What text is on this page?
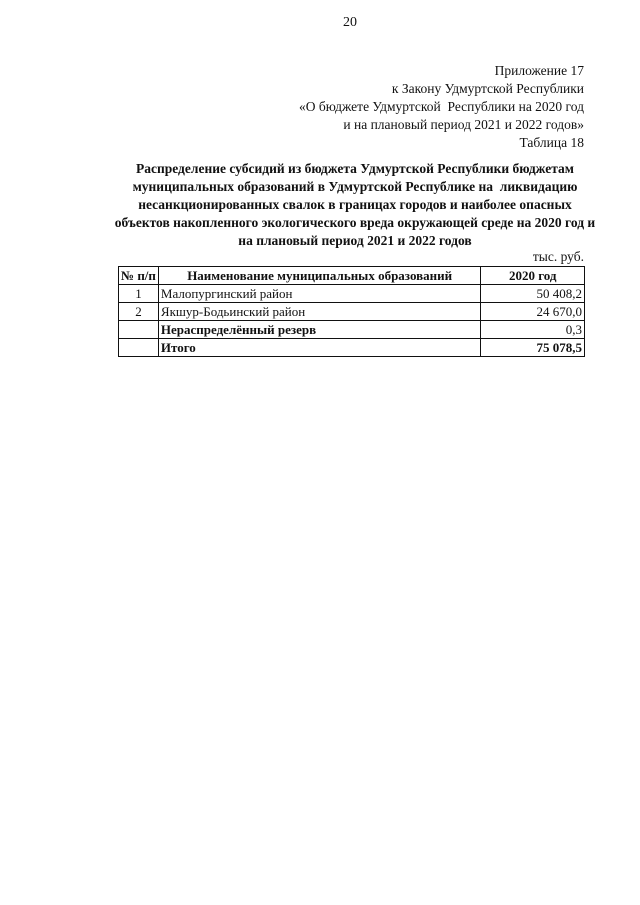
20
Приложение 17
к Закону Удмуртской Республики
«О бюджете Удмуртской  Республики на 2020 год
и на плановый период 2021 и 2022 годов»
Таблица 18
Распределение субсидий из бюджета Удмуртской Республики бюджетам
муниципальных образований в Удмуртской Республике на  ликвидацию
несанкционированных свалок в границах городов и наиболее опасных
объектов накопленного экологического вреда окружающей среде на 2020 год и
на плановый период 2021 и 2022 годов
тыс. руб.
№ п/п	Наименование муниципальных образований	2020 год
1	Малопургинский район	50 408,2
2	Якшур-Бодьинский район	24 670,0
	Нераспределённый резерв	0,3
	Итого	75 078,5
